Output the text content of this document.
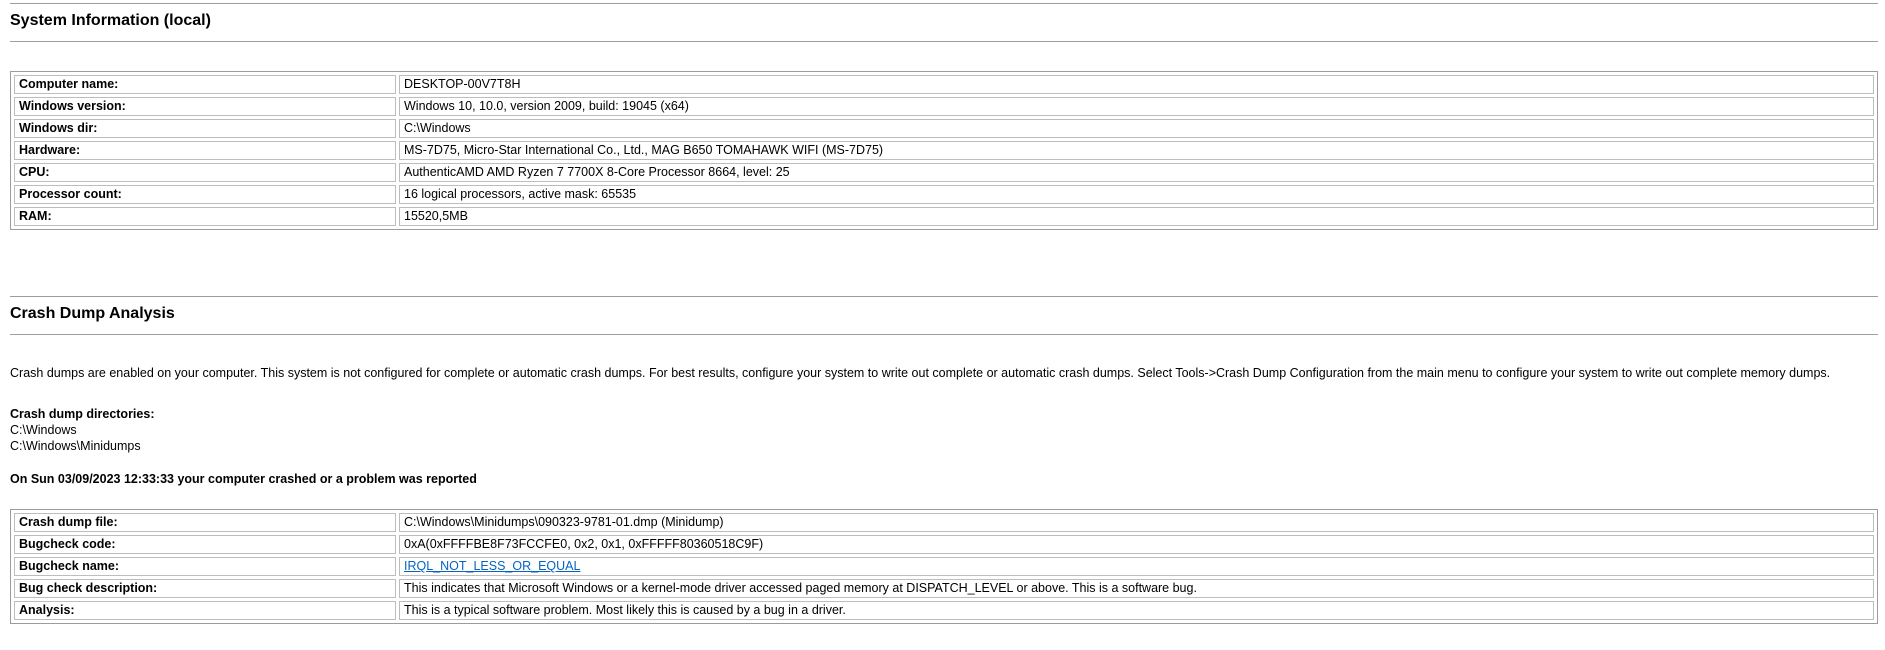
System Information (local)
Computer name:	DESKTOP-00V7T8H
Windows version:	Windows 10, 10.0, version 2009, build: 19045 (x64)
Windows dir:	C:\Windows
Hardware:	MS-7D75, Micro-Star International Co., Ltd., MAG B650 TOMAHAWK WIFI (MS-7D75)
CPU:	AuthenticAMD AMD Ryzen 7 7700X 8-Core Processor 8664, level: 25
Processor count:	16 logical processors, active mask: 65535
RAM:	15520,5MB
Crash Dump Analysis

Crash dumps are enabled on your computer. This system is not configured for complete or automatic crash dumps. For best results, configure your system to write out complete or automatic crash dumps. Select Tools->Crash Dump Configuration from the main menu to configure your system to write out complete memory dumps.

Crash dump directories:
C:\Windows
C:\Windows\Minidumps
On Sun 03/09/2023 12:33:33 your computer crashed or a problem was reported
Crash dump file:	C:\Windows\Minidumps\090323-9781-01.dmp (Minidump)
Bugcheck code:	0xA(0xFFFFBE8F73FCCFE0, 0x2, 0x1, 0xFFFFF80360518C9F)
Bugcheck name:	IRQL_NOT_LESS_OR_EQUAL
Bug check description:	This indicates that Microsoft Windows or a kernel-mode driver accessed paged memory at DISPATCH_LEVEL or above. This is a software bug.
Analysis:	This is a typical software problem. Most likely this is caused by a bug in a driver.
